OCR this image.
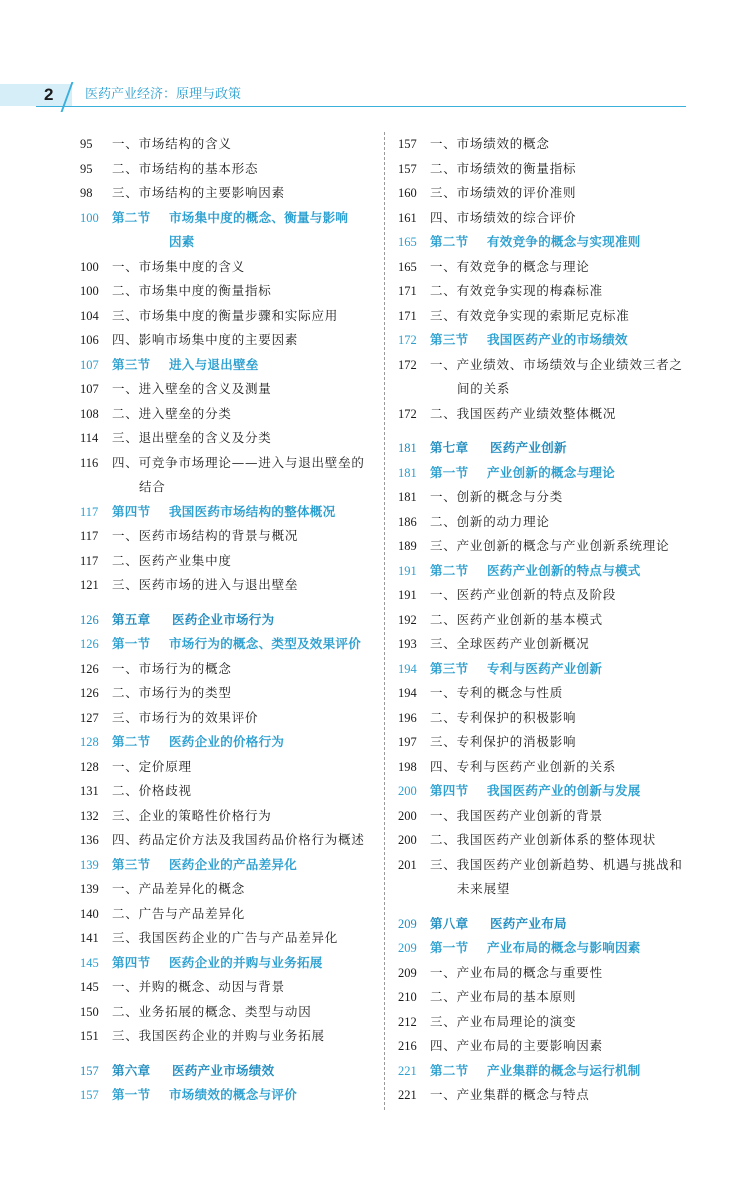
2 医药产业经济：原理与政策
95	一、市场结构的含义
95	二、市场结构的基本形态
98	三、市场结构的主要影响因素
100	第二节 市场集中度的概念、衡量与影响
因素
100	一、市场集中度的含义
100	二、市场集中度的衡量指标
104	三、市场集中度的衡量步骤和实际应用
106	四、影响市场集中度的主要因素
107	第三节 进入与退出壁垒
107	一、进入壁垒的含义及测量
108	二、进入壁垒的分类
114	三、退出壁垒的含义及分类
116	四、可竞争市场理论——进入与退出壁垒的
结合
117	第四节 我国医药市场结构的整体概况
117	一、医药市场结构的背景与概况
117	二、医药产业集中度
121	三、医药市场的进入与退出壁垒
126	第五章 医药企业市场行为
126	第一节 市场行为的概念、类型及效果评价
126	一、市场行为的概念
126	二、市场行为的类型
127	三、市场行为的效果评价
128	第二节 医药企业的价格行为
128	一、定价原理
131	二、价格歧视
132	三、企业的策略性价格行为
136	四、药品定价方法及我国药品价格行为概述
139	第三节 医药企业的产品差异化
139	一、产品差异化的概念
140	二、广告与产品差异化
141	三、我国医药企业的广告与产品差异化
145	第四节 医药企业的并购与业务拓展
145	一、并购的概念、动因与背景
150	二、业务拓展的概念、类型与动因
151	三、我国医药企业的并购与业务拓展
157	第六章 医药产业市场绩效
157	第一节 市场绩效的概念与评价
157	一、市场绩效的概念
157	二、市场绩效的衡量指标
160	三、市场绩效的评价准则
161	四、市场绩效的综合评价
165	第二节 有效竞争的概念与实现准则
165	一、有效竞争的概念与理论
171	二、有效竞争实现的梅森标准
171	三、有效竞争实现的索斯尼克标准
172	第三节 我国医药产业的市场绩效
172	一、产业绩效、市场绩效与企业绩效三者之
间的关系
172	二、我国医药产业绩效整体概况
181	第七章 医药产业创新
181	第一节 产业创新的概念与理论
181	一、创新的概念与分类
186	二、创新的动力理论
189	三、产业创新的概念与产业创新系统理论
191	第二节 医药产业创新的特点与模式
191	一、医药产业创新的特点及阶段
192	二、医药产业创新的基本模式
193	三、全球医药产业创新概况
194	第三节 专利与医药产业创新
194	一、专利的概念与性质
196	二、专利保护的积极影响
197	三、专利保护的消极影响
198	四、专利与医药产业创新的关系
200	第四节 我国医药产业的创新与发展
200	一、我国医药产业创新的背景
200	二、我国医药产业创新体系的整体现状
201	三、我国医药产业创新趋势、机遇与挑战和
未来展望
209	第八章 医药产业布局
209	第一节 产业布局的概念与影响因素
209	一、产业布局的概念与重要性
210	二、产业布局的基本原则
212	三、产业布局理论的演变
216	四、产业布局的主要影响因素
221	第二节 产业集群的概念与运行机制
221	一、产业集群的概念与特点
